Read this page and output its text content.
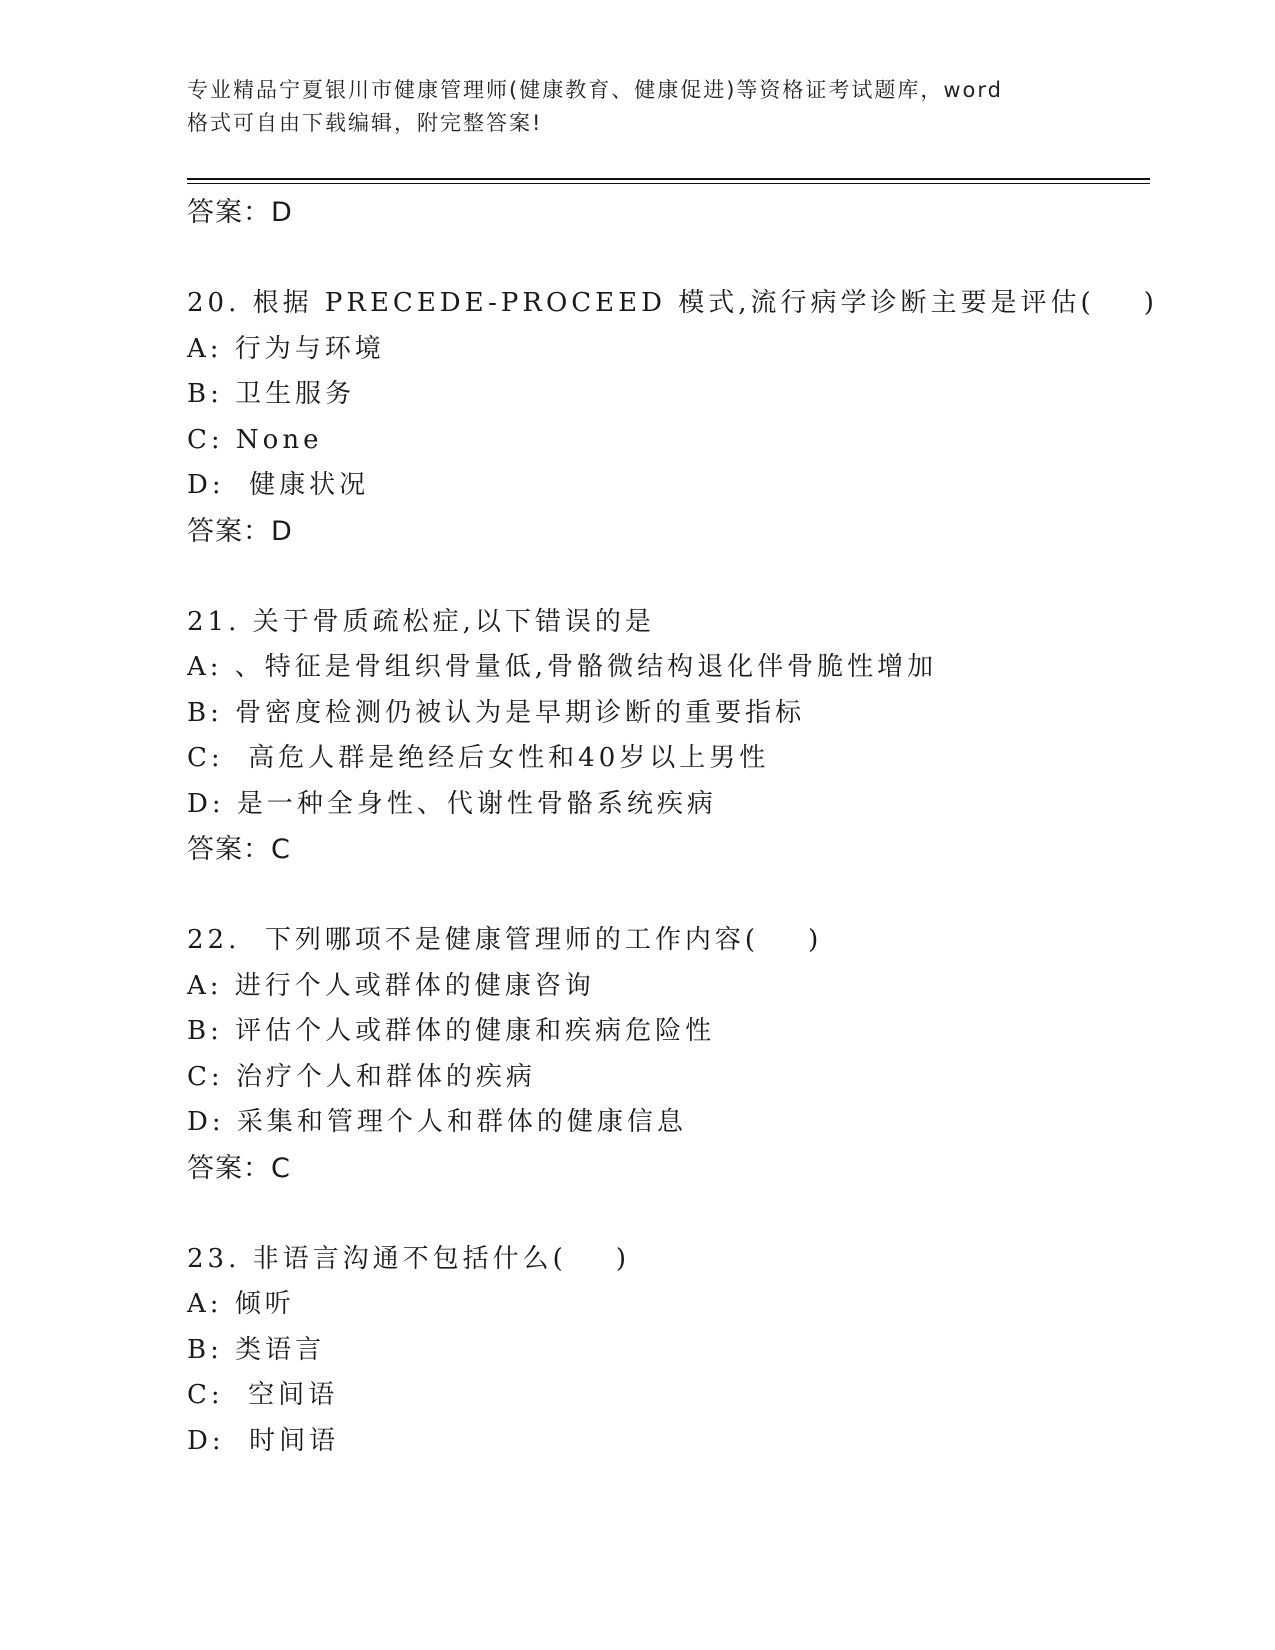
专业精品宁夏银川市健康管理师(健康教育、健康促进)等资格证考试题库，word
格式可自由下载编辑，附完整答案!
答案：D
20. 根据 PRECEDE-PROCEED 模式,流行病学诊断主要是评估(    )
A: 行为与环境
B: 卫生服务
C: None
D:  健康状况
答案：D
21. 关于骨质疏松症,以下错误的是
A: 、特征是骨组织骨量低,骨骼微结构退化伴骨脆性增加
B: 骨密度检测仍被认为是早期诊断的重要指标
C:  高危人群是绝经后女性和40岁以上男性
D: 是一种全身性、代谢性骨骼系统疾病
答案：C
22.  下列哪项不是健康管理师的工作内容(    )
A: 进行个人或群体的健康咨询
B: 评估个人或群体的健康和疾病危险性
C: 治疗个人和群体的疾病
D: 采集和管理个人和群体的健康信息
答案：C
23. 非语言沟通不包括什么(    )
A: 倾听
B: 类语言
C:  空间语
D:  时间语
